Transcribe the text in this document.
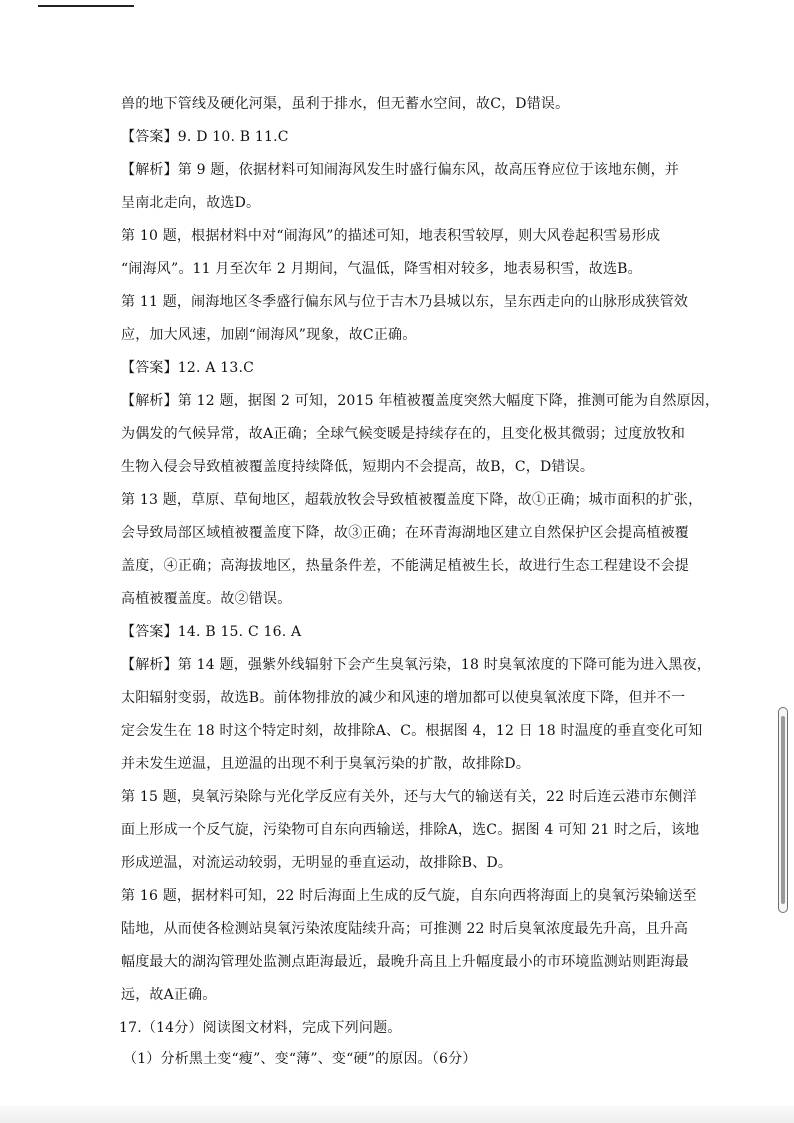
兽的地下管线及硬化河渠，虽利于排水，但无蓄水空间，故C，D错误。
【答案】9. D 10. B 11.C
【解析】第 9 题，依据材料可知闹海风发生时盛行偏东风，故高压脊应位于该地东侧，并
呈南北走向，故选D。
第 10 题，根据材料中对“闹海风”的描述可知，地表积雪较厚，则大风卷起积雪易形成
“闹海风”。11 月至次年 2 月期间，气温低，降雪相对较多，地表易积雪，故选B。
第 11 题，闹海地区冬季盛行偏东风与位于吉木乃县城以东，呈东西走向的山脉形成狭管效
应，加大风速，加剧“闹海风”现象，故C正确。
【答案】12. A 13.C
【解析】第 12 题，据图 2 可知，2015 年植被覆盖度突然大幅度下降，推测可能为自然原因，
为偶发的气候异常，故A正确；全球气候变暖是持续存在的，且变化极其微弱；过度放牧和
生物入侵会导致植被覆盖度持续降低，短期内不会提高，故B，C，D错误。
第 13 题，草原、草甸地区，超载放牧会导致植被覆盖度下降，故①正确；城市面积的扩张，
会导致局部区域植被覆盖度下降，故③正确；在环青海湖地区建立自然保护区会提高植被覆
盖度，④正确；高海拔地区，热量条件差，不能满足植被生长，故进行生态工程建设不会提
高植被覆盖度。故②错误。
【答案】14. B 15. C 16. A
【解析】第 14 题，强紫外线辐射下会产生臭氧污染，18 时臭氧浓度的下降可能为进入黑夜，
太阳辐射变弱，故选B。前体物排放的减少和风速的增加都可以使臭氧浓度下降，但并不一
定会发生在 18 时这个特定时刻，故排除A、C。根据图 4，12 日 18 时温度的垂直变化可知
并未发生逆温，且逆温的出现不利于臭氧污染的扩散，故排除D。
第 15 题，臭氧污染除与光化学反应有关外，还与大气的输送有关，22 时后连云港市东侧洋
面上形成一个反气旋，污染物可自东向西输送，排除A，选C。据图 4 可知 21 时之后，该地
形成逆温，对流运动较弱，无明显的垂直运动，故排除B、D。
第 16 题，据材料可知，22 时后海面上生成的反气旋，自东向西将海面上的臭氧污染输送至
陆地，从而使各检测站臭氧污染浓度陆续升高；可推测 22 时后臭氧浓度最先升高，且升高
幅度最大的湖沟管理处监测点距海最近，最晚升高且上升幅度最小的市环境监测站则距海最
远，故A正确。
17.（14分）阅读图文材料，完成下列问题。
（1）分析黑土变“瘦”、变“薄”、变“硬”的原因。（6分）
